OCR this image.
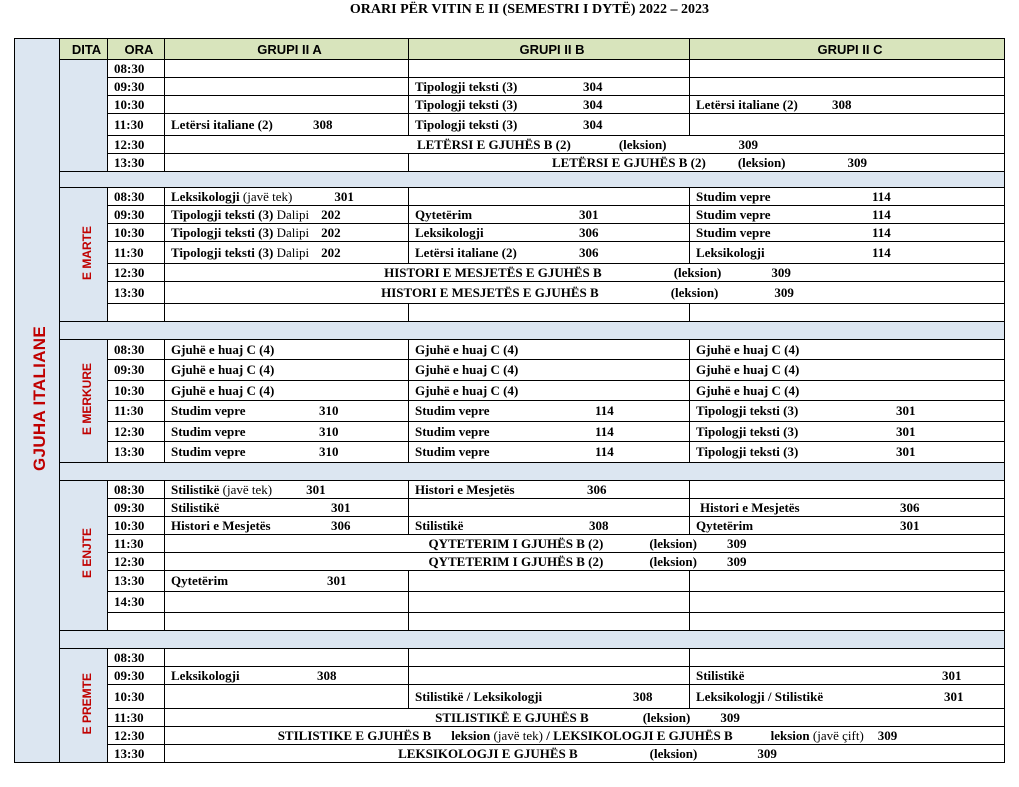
ORARI PËR VITIN E II (SEMESTRI I DYTË) 2022 – 2023
GJUHA ITALIANE	DITA	ORA	GRUPI II A	GRUPI II B	GRUPI II C
		08:30			
		09:30		Tipologji teksti (3) 304	
		10:30		Tipologji teksti (3) 304	Letërsi italiane (2) 308
		11:30	Letërsi italiane (2) 308	Tipologji teksti (3) 304	
		12:30	LETËRSI E GJUHËS B (2) (leksion) 309		
		13:30		LETËRSI E GJUHËS B (2) (leksion) 309	

	E MARTE	08:30	Leksikologji (javë tek) 301		Studim vepre 114
		09:30	Tipologji teksti (3) Dalipi 202	Qytetërim 301	Studim vepre 114
		10:30	Tipologji teksti (3) Dalipi 202	Leksikologji 306	Studim vepre 114
		11:30	Tipologji teksti (3) Dalipi 202	Letërsi italiane (2) 306	Leksikologji 114
		12:30	HISTORI E MESJETËS E GJUHËS B (leksion) 309		
		13:30	HISTORI E MESJETËS E GJUHËS B (leksion) 309		

	E MERKURE	08:30	Gjuhë e huaj C (4)	Gjuhë e huaj C (4)	Gjuhë e huaj C (4)
		09:30	Gjuhë e huaj C (4)	Gjuhë e huaj C (4)	Gjuhë e huaj C (4)
		10:30	Gjuhë e huaj C (4)	Gjuhë e huaj C (4)	Gjuhë e huaj C (4)
		11:30	Studim vepre 310	Studim vepre 114	Tipologji teksti (3) 301
		12:30	Studim vepre 310	Studim vepre 114	Tipologji teksti (3) 301
		13:30	Studim vepre 310	Studim vepre 114	Tipologji teksti (3) 301

	E ENJTE	08:30	Stilistikë (javë tek) 301	Histori e Mesjetës 306	
		09:30	Stilistikë 301		Histori e Mesjetës 306
		10:30	Histori e Mesjetës 306	Stilistikë 308	Qytetërim 301
		11:30	QYTETERIM I GJUHËS B (2) (leksion) 309		
		12:30	QYTETERIM I GJUHËS B (2) (leksion) 309		
		13:30	Qytetërim 301		
		14:30			

	E PREMTE	08:30			
		09:30	Leksikologji 308		Stilistikë 301
		10:30		Stilistikë / Leksikologji 308	Leksikologji / Stilistikë 301
		11:30	STILISTIKË E GJUHËS B (leksion) 309		
		12:30	STILISTIKE E GJUHËS B leksion (javë tek) / LEKSIKOLOGJI E GJUHËS B leksion (javë çift) 309		
		13:30	LEKSIKOLOGJI E GJUHËS B (leksion) 309		
